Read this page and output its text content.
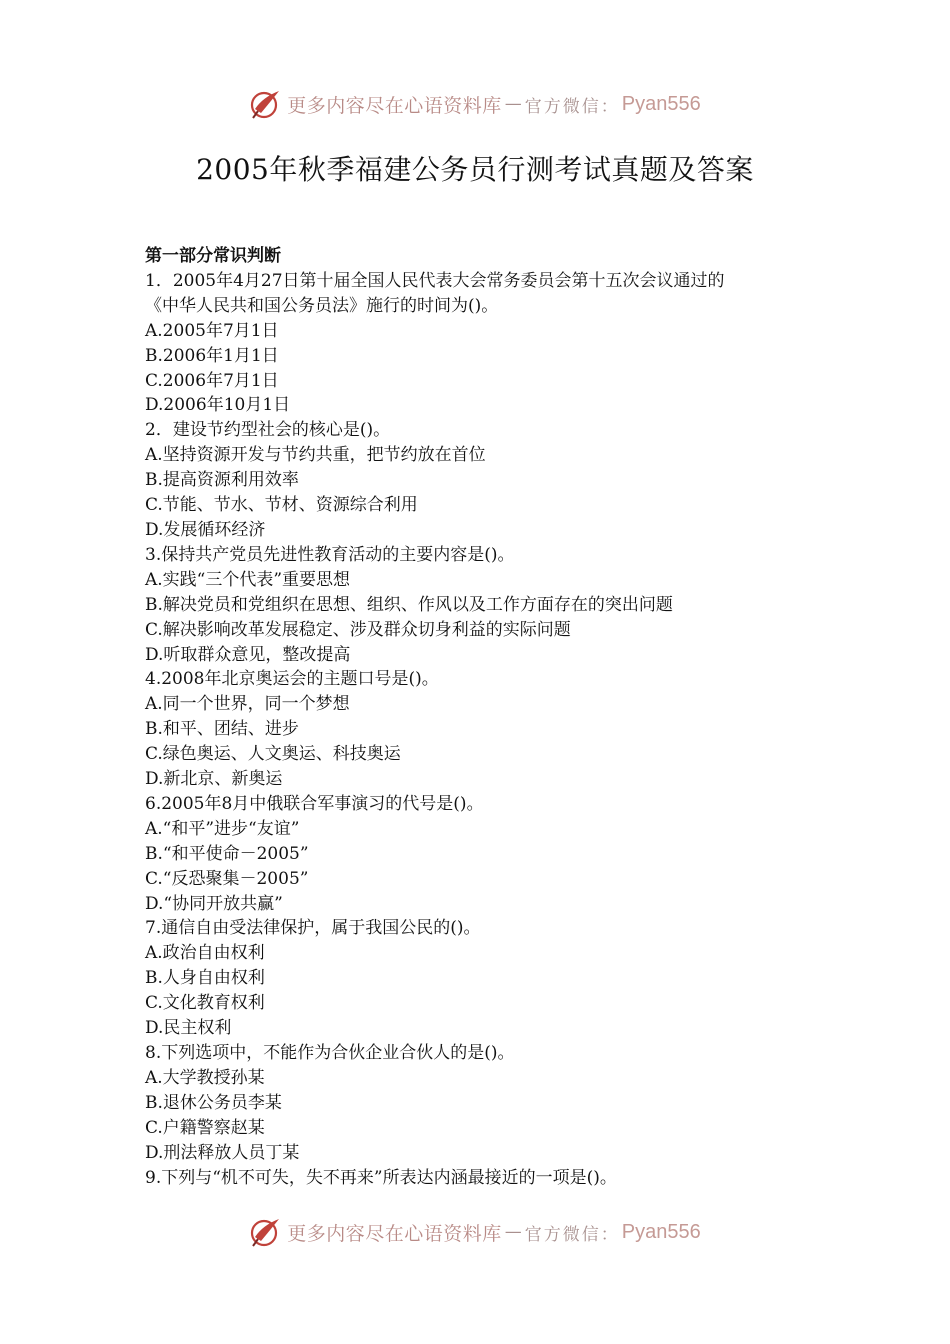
更多内容尽在心语资料库 — 官方微信： Pyan556
2005年秋季福建公务员行测考试真题及答案
第一部分常识判断
1．2005年4月27日第十届全国人民代表大会常务委员会第十五次会议通过的
《中华人民共和国公务员法》施行的时间为()。
A.2005年7月1日
B.2006年1月1日
C.2006年7月1日
D.2006年10月1日
2．建设节约型社会的核心是()。
A.坚持资源开发与节约共重，把节约放在首位
B.提高资源利用效率
C.节能、节水、节材、资源综合利用
D.发展循环经济
3.保持共产党员先进性教育活动的主要内容是()。
A.实践“三个代表”重要思想
B.解决党员和党组织在思想、组织、作风以及工作方面存在的突出问题
C.解决影响改革发展稳定、涉及群众切身利益的实际问题
D.听取群众意见，整改提高
4.2008年北京奥运会的主题口号是()。
A.同一个世界，同一个梦想
B.和平、团结、进步
C.绿色奥运、人文奥运、科技奥运
D.新北京、新奥运
6.2005年8月中俄联合军事演习的代号是()。
A.“和平”进步“友谊”
B.“和平使命－2005”
C.“反恐聚集－2005”
D.“协同开放共赢”
7.通信自由受法律保护，属于我国公民的()。
A.政治自由权利
B.人身自由权利
C.文化教育权利
D.民主权利
8.下列选项中，不能作为合伙企业合伙人的是()。
A.大学教授孙某
B.退休公务员李某
C.户籍警察赵某
D.刑法释放人员丁某
9.下列与“机不可失，失不再来”所表达内涵最接近的一项是()。
更多内容尽在心语资料库 — 官方微信： Pyan556
